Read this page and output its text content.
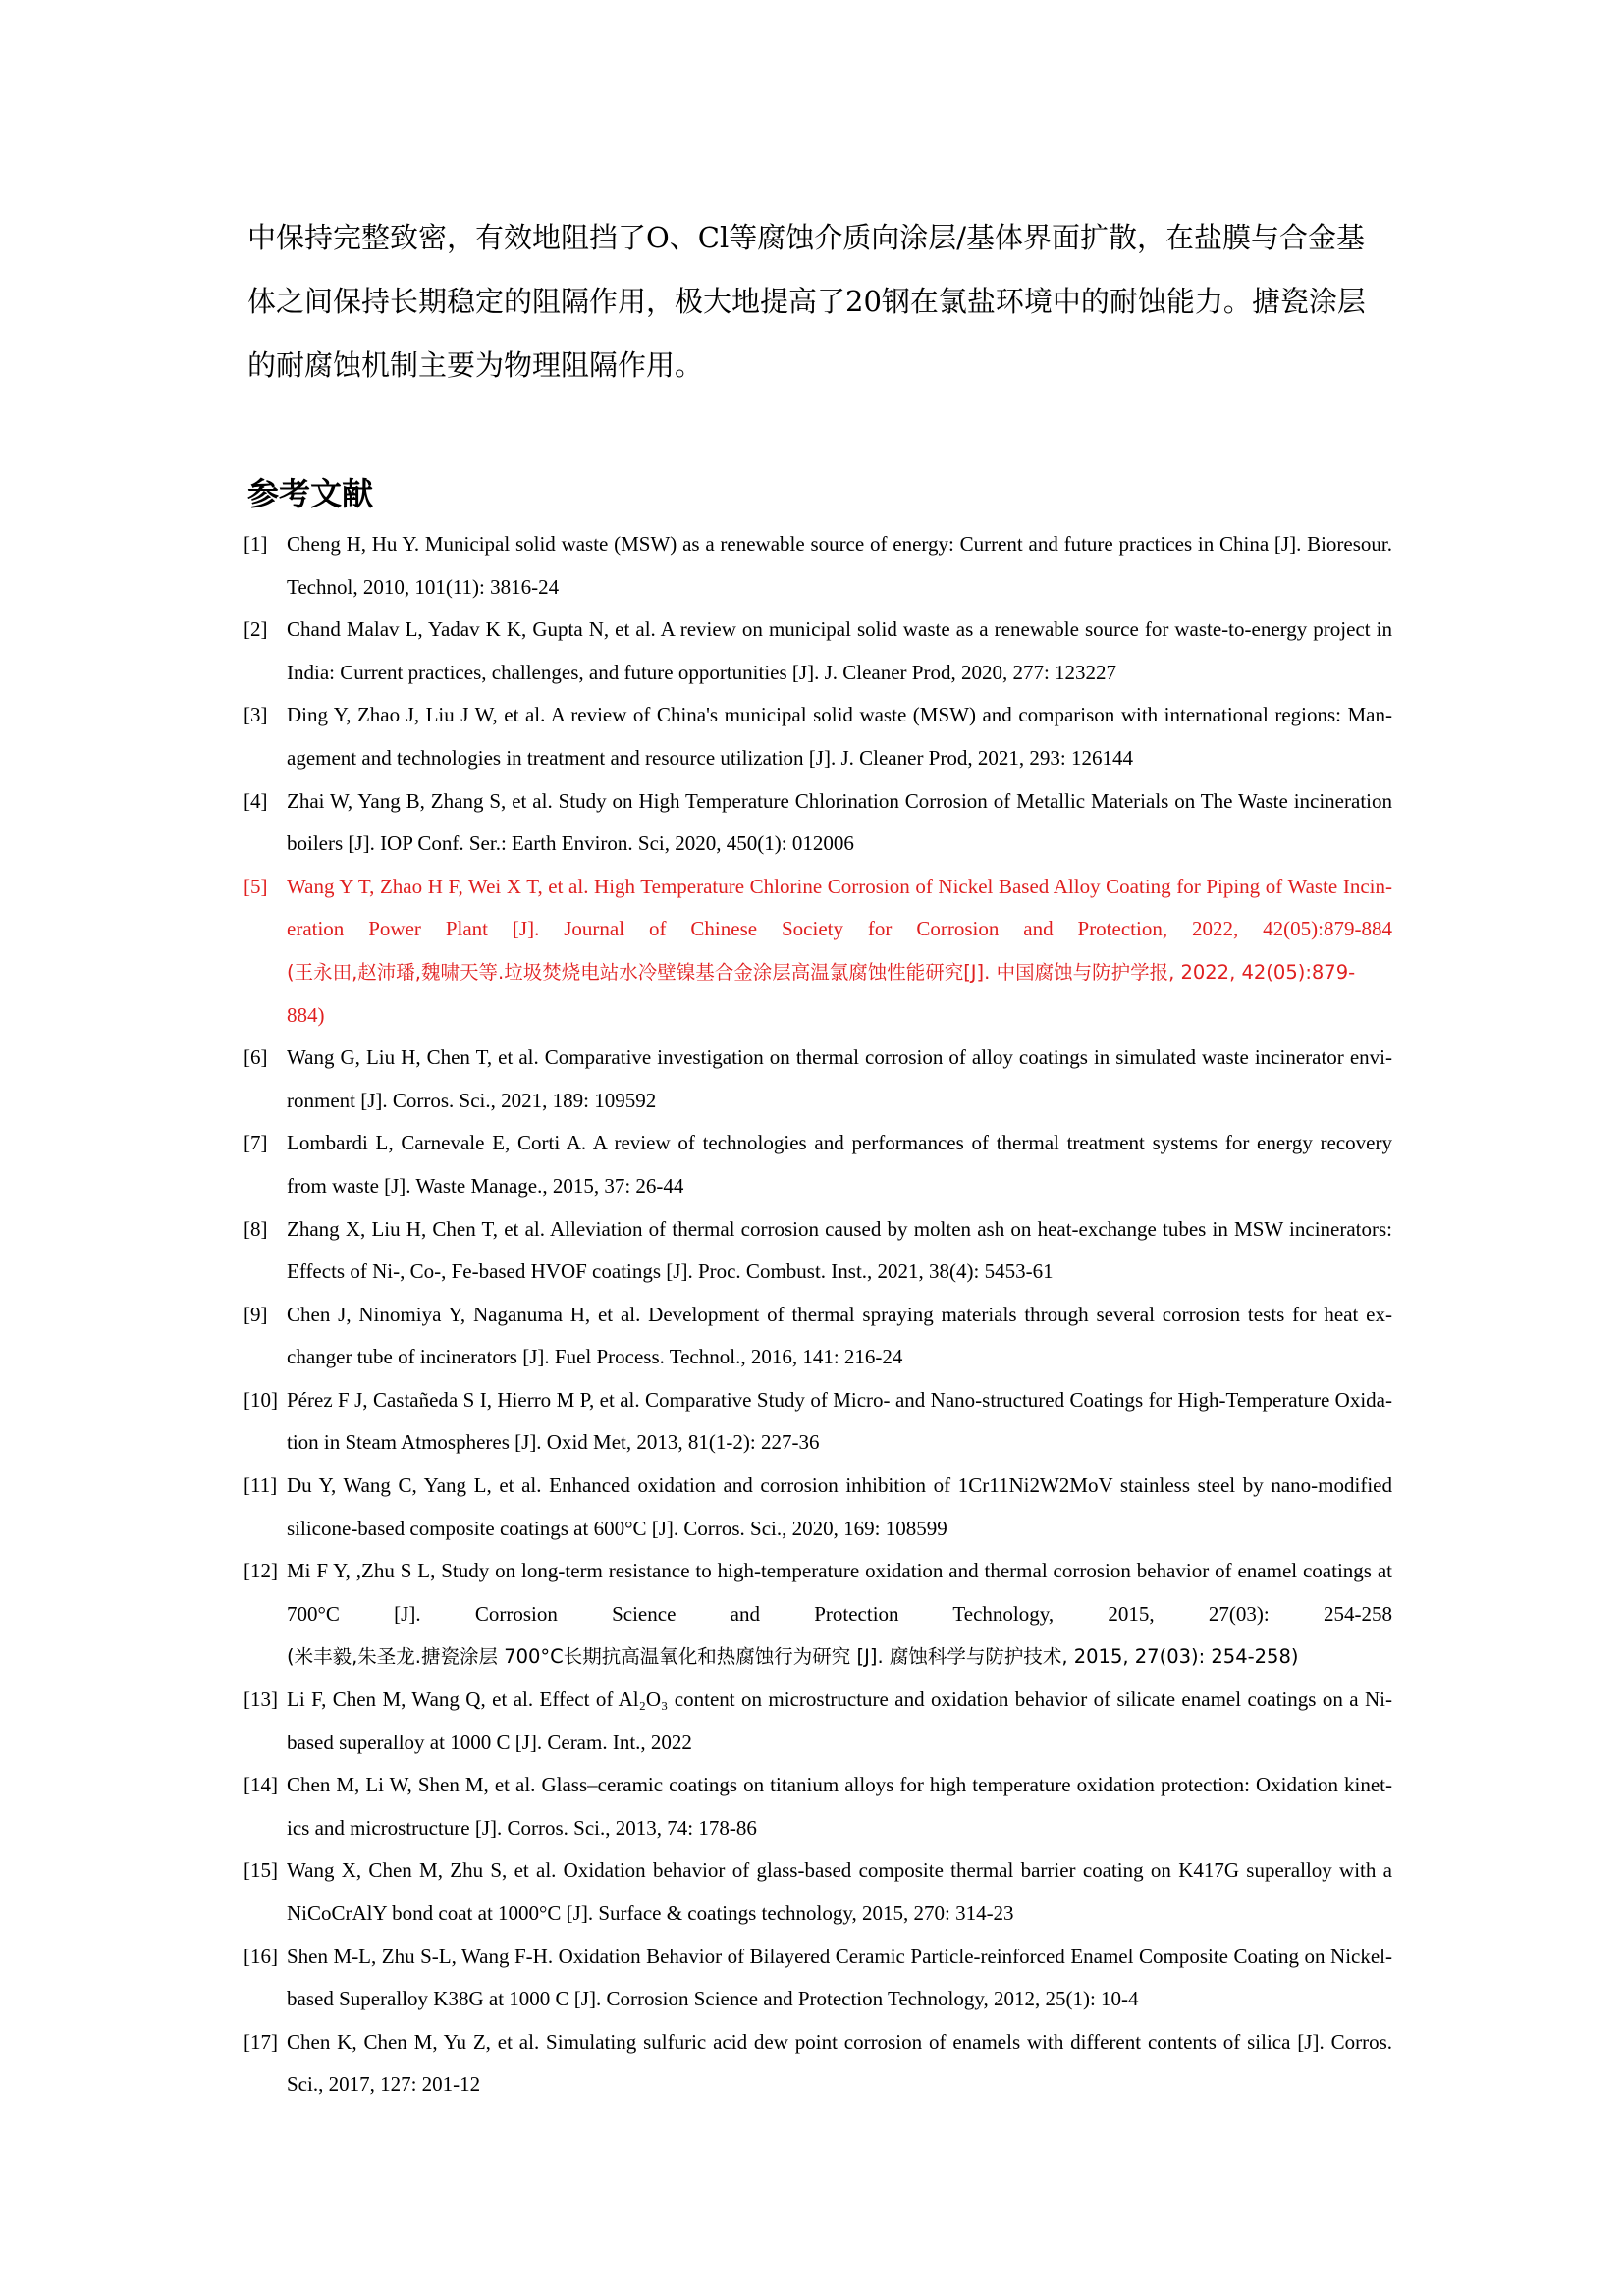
中保持完整致密，有效地阻挡了O、Cl等腐蚀介质向涂层/基体界面扩散，在盐膜与合金基
体之间保持长期稳定的阻隔作用，极大地提高了20钢在氯盐环境中的耐蚀能力。搪瓷涂层
的耐腐蚀机制主要为物理阻隔作用。

参考文献
[1] Cheng H, Hu Y. Municipal solid waste (MSW) as a renewable source of energy: Current and future practices in China [J]. Bioresour.
Technol, 2010, 101(11): 3816-24
[2] Chand Malav L, Yadav K K, Gupta N, et al. A review on municipal solid waste as a renewable source for waste-to-energy project in
India: Current practices, challenges, and future opportunities [J]. J. Cleaner Prod, 2020, 277: 123227
[3] Ding Y, Zhao J, Liu J W, et al. A review of China's municipal solid waste (MSW) and comparison with international regions: Man-
agement and technologies in treatment and resource utilization [J]. J. Cleaner Prod, 2021, 293: 126144
[4] Zhai W, Yang B, Zhang S, et al. Study on High Temperature Chlorination Corrosion of Metallic Materials on The Waste incineration
boilers [J]. IOP Conf. Ser.: Earth Environ. Sci, 2020, 450(1): 012006
[5] Wang Y T, Zhao H F, Wei X T, et al. High Temperature Chlorine Corrosion of Nickel Based Alloy Coating for Piping of Waste Incin-
eration Power Plant [J]. Journal of Chinese Society for Corrosion and Protection, 2022, 42(05):879-884
(王永田,赵沛璠,魏啸天等.垃圾焚烧电站水冷壁镍基合金涂层高温氯腐蚀性能研究[J]. 中国腐蚀与防护学报, 2022, 42(05):879-
884)
[6] Wang G, Liu H, Chen T, et al. Comparative investigation on thermal corrosion of alloy coatings in simulated waste incinerator envi-
ronment [J]. Corros. Sci., 2021, 189: 109592
[7] Lombardi L, Carnevale E, Corti A. A review of technologies and performances of thermal treatment systems for energy recovery
from waste [J]. Waste Manage., 2015, 37: 26-44
[8] Zhang X, Liu H, Chen T, et al. Alleviation of thermal corrosion caused by molten ash on heat-exchange tubes in MSW incinerators:
Effects of Ni-, Co-, Fe-based HVOF coatings [J]. Proc. Combust. Inst., 2021, 38(4): 5453-61
[9] Chen J, Ninomiya Y, Naganuma H, et al. Development of thermal spraying materials through several corrosion tests for heat ex-
changer tube of incinerators [J]. Fuel Process. Technol., 2016, 141: 216-24
[10] Pérez F J, Castañeda S I, Hierro M P, et al. Comparative Study of Micro- and Nano-structured Coatings for High-Temperature Oxida-
tion in Steam Atmospheres [J]. Oxid Met, 2013, 81(1-2): 227-36
[11] Du Y, Wang C, Yang L, et al. Enhanced oxidation and corrosion inhibition of 1Cr11Ni2W2MoV stainless steel by nano-modified
silicone-based composite coatings at 600°C [J]. Corros. Sci., 2020, 169: 108599
[12] Mi F Y, ,Zhu S L, Study on long-term resistance to high-temperature oxidation and thermal corrosion behavior of enamel coatings at
700°C [J]. Corrosion Science and Protection Technology, 2015, 27(03): 254-258
(米丰毅,朱圣龙.搪瓷涂层 700°C长期抗高温氧化和热腐蚀行为研究 [J]. 腐蚀科学与防护技术, 2015, 27(03): 254-258)
[13] Li F, Chen M, Wang Q, et al. Effect of Al₂O₃ content on microstructure and oxidation behavior of silicate enamel coatings on a Ni-
based superalloy at 1000 C [J]. Ceram. Int., 2022
[14] Chen M, Li W, Shen M, et al. Glass–ceramic coatings on titanium alloys for high temperature oxidation protection: Oxidation kinet-
ics and microstructure [J]. Corros. Sci., 2013, 74: 178-86
[15] Wang X, Chen M, Zhu S, et al. Oxidation behavior of glass-based composite thermal barrier coating on K417G superalloy with a
NiCoCrAlY bond coat at 1000°C [J]. Surface & coatings technology, 2015, 270: 314-23
[16] Shen M-L, Zhu S-L, Wang F-H. Oxidation Behavior of Bilayered Ceramic Particle-reinforced Enamel Composite Coating on Nickel-
based Superalloy K38G at 1000 C [J]. Corrosion Science and Protection Technology, 2012, 25(1): 10-4
[17] Chen K, Chen M, Yu Z, et al. Simulating sulfuric acid dew point corrosion of enamels with different contents of silica [J]. Corros.
Sci., 2017, 127: 201-12
